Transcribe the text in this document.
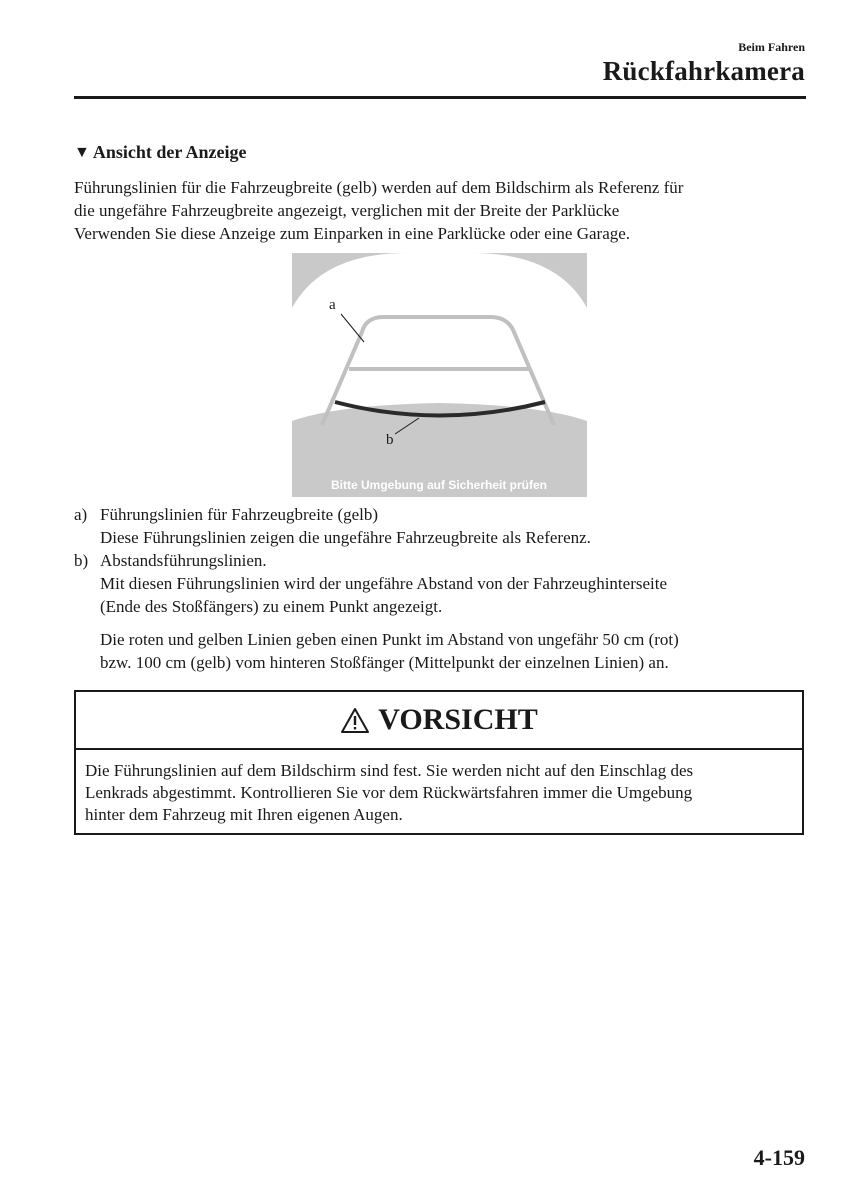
Beim Fahren
Rückfahrkamera
▼ Ansicht der Anzeige
Führungslinien für die Fahrzeugbreite (gelb) werden auf dem Bildschirm als Referenz für
die ungefähre Fahrzeugbreite angezeigt, verglichen mit der Breite der Parklücke
Verwenden Sie diese Anzeige zum Einparken in eine Parklücke oder eine Garage.
a
b
Bitte Umgebung auf Sicherheit prüfen
a) Führungslinien für Fahrzeugbreite (gelb)
Diese Führungslinien zeigen die ungefähre Fahrzeugbreite als Referenz.
b) Abstandsführungslinien.
Mit diesen Führungslinien wird der ungefähre Abstand von der Fahrzeughinterseite
(Ende des Stoßfängers) zu einem Punkt angezeigt.
Die roten und gelben Linien geben einen Punkt im Abstand von ungefähr 50 cm (rot)
bzw. 100 cm (gelb) vom hinteren Stoßfänger (Mittelpunkt der einzelnen Linien) an.
VORSICHT
Die Führungslinien auf dem Bildschirm sind fest. Sie werden nicht auf den Einschlag des
Lenkrads abgestimmt. Kontrollieren Sie vor dem Rückwärtsfahren immer die Umgebung
hinter dem Fahrzeug mit Ihren eigenen Augen.
4-159
